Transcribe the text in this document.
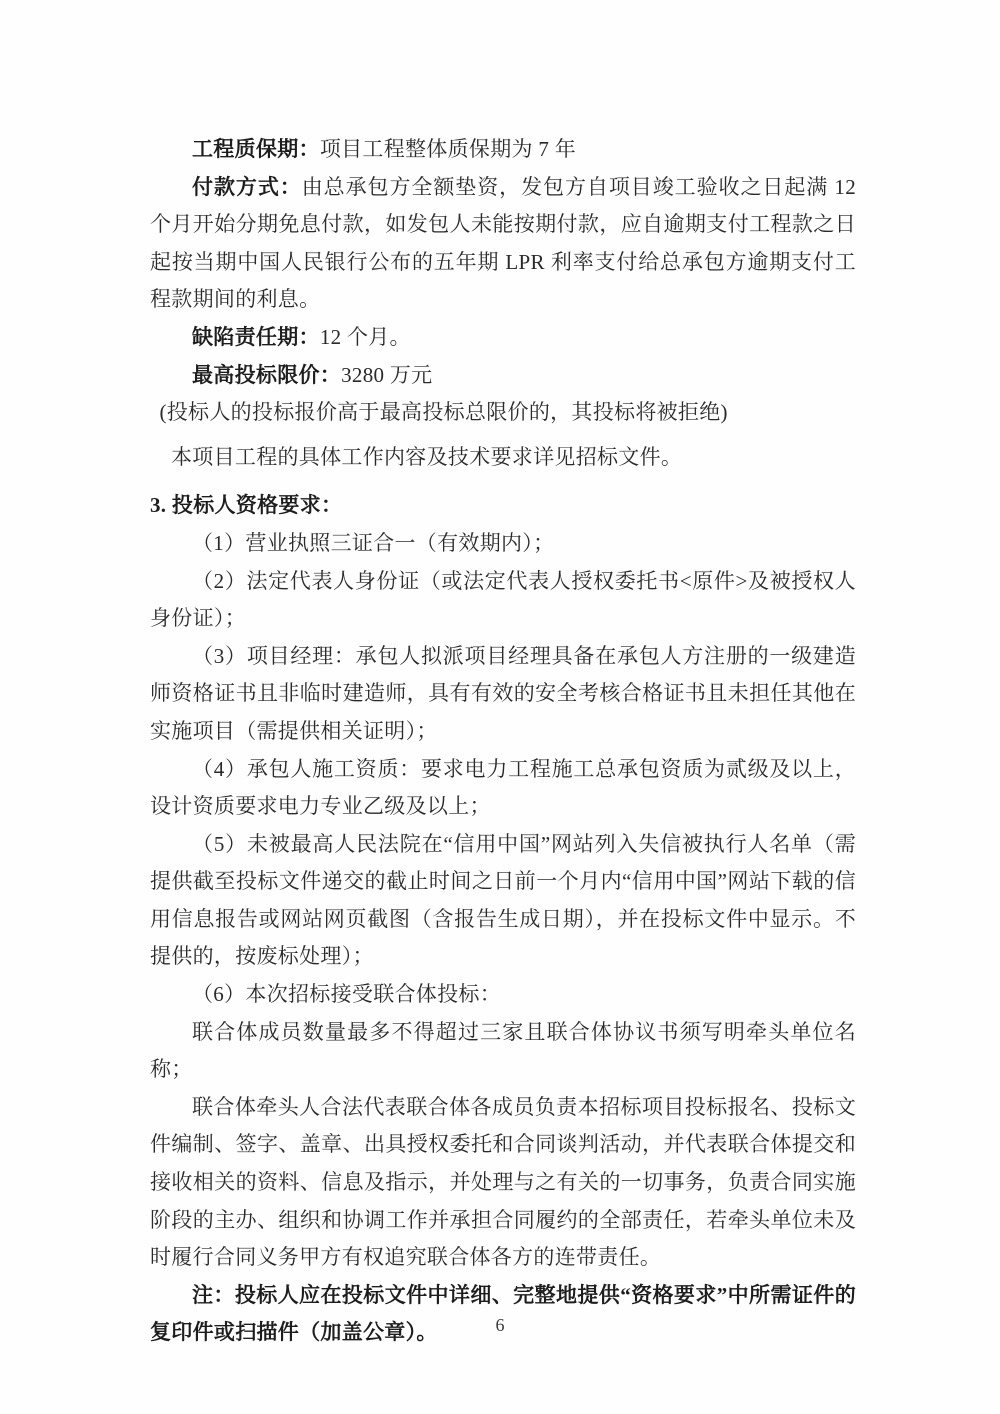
工程质保期：项目工程整体质保期为 7 年

付款方式：由总承包方全额垫资，发包方自项目竣工验收之日起满 12 个月开始分期免息付款，如发包人未能按期付款，应自逾期支付工程款之日起按当期中国人民银行公布的五年期 LPR 利率支付给总承包方逾期支付工程款期间的利息。

缺陷责任期：12 个月。

最高投标限价：3280 万元

(投标人的投标报价高于最高投标总限价的，其投标将被拒绝)

本项目工程的具体工作内容及技术要求详见招标文件。

3. 投标人资格要求：

（1）营业执照三证合一（有效期内）；

（2）法定代表人身份证（或法定代表人授权委托书<原件>及被授权人身份证）；

（3）项目经理：承包人拟派项目经理具备在承包人方注册的一级建造师资格证书且非临时建造师，具有有效的安全考核合格证书且未担任其他在实施项目（需提供相关证明）；

（4）承包人施工资质：要求电力工程施工总承包资质为贰级及以上，设计资质要求电力专业乙级及以上；

（5）未被最高人民法院在“信用中国”网站列入失信被执行人名单（需提供截至投标文件递交的截止时间之日前一个月内“信用中国”网站下载的信用信息报告或网站网页截图（含报告生成日期），并在投标文件中显示。不提供的，按废标处理）；

（6）本次招标接受联合体投标：

联合体成员数量最多不得超过三家且联合体协议书须写明牵头单位名称；

联合体牵头人合法代表联合体各成员负责本招标项目投标报名、投标文件编制、签字、盖章、出具授权委托和合同谈判活动，并代表联合体提交和接收相关的资料、信息及指示，并处理与之有关的一切事务，负责合同实施阶段的主办、组织和协调工作并承担合同履约的全部责任，若牵头单位未及时履行合同义务甲方有权追究联合体各方的连带责任。

注：投标人应在投标文件中详细、完整地提供“资格要求”中所需证件的复印件或扫描件（加盖公章）。	6
